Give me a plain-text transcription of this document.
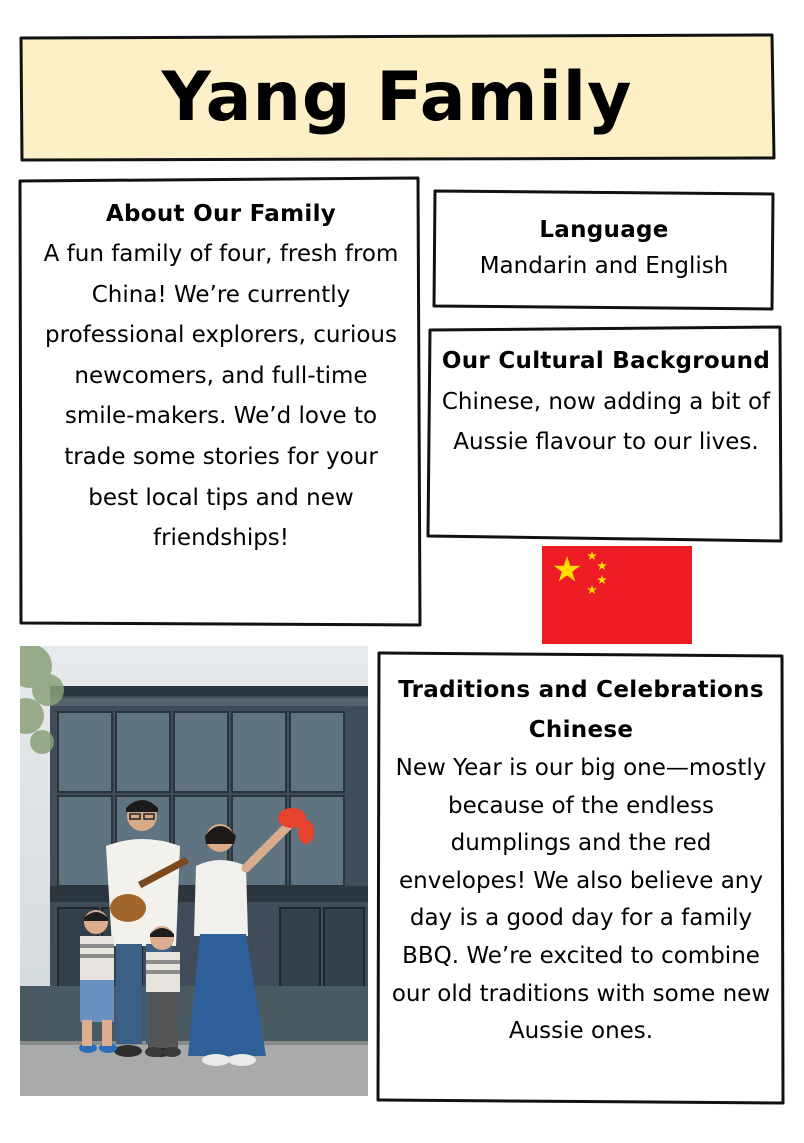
Yang Family
About Our Family
A fun family of four, fresh from China! We’re currently professional explorers, curious newcomers, and full-time smile-makers. We’d love to trade some stories for your best local tips and new friendships!
Language
Mandarin and English
Our Cultural Background
Chinese, now adding a bit of Aussie flavour to our lives.
Traditions and Celebrations Chinese
New Year is our big one—mostly because of the endless dumplings and the red envelopes! We also believe any day is a good day for a family BBQ. We’re excited to combine our old traditions with some new Aussie ones.
